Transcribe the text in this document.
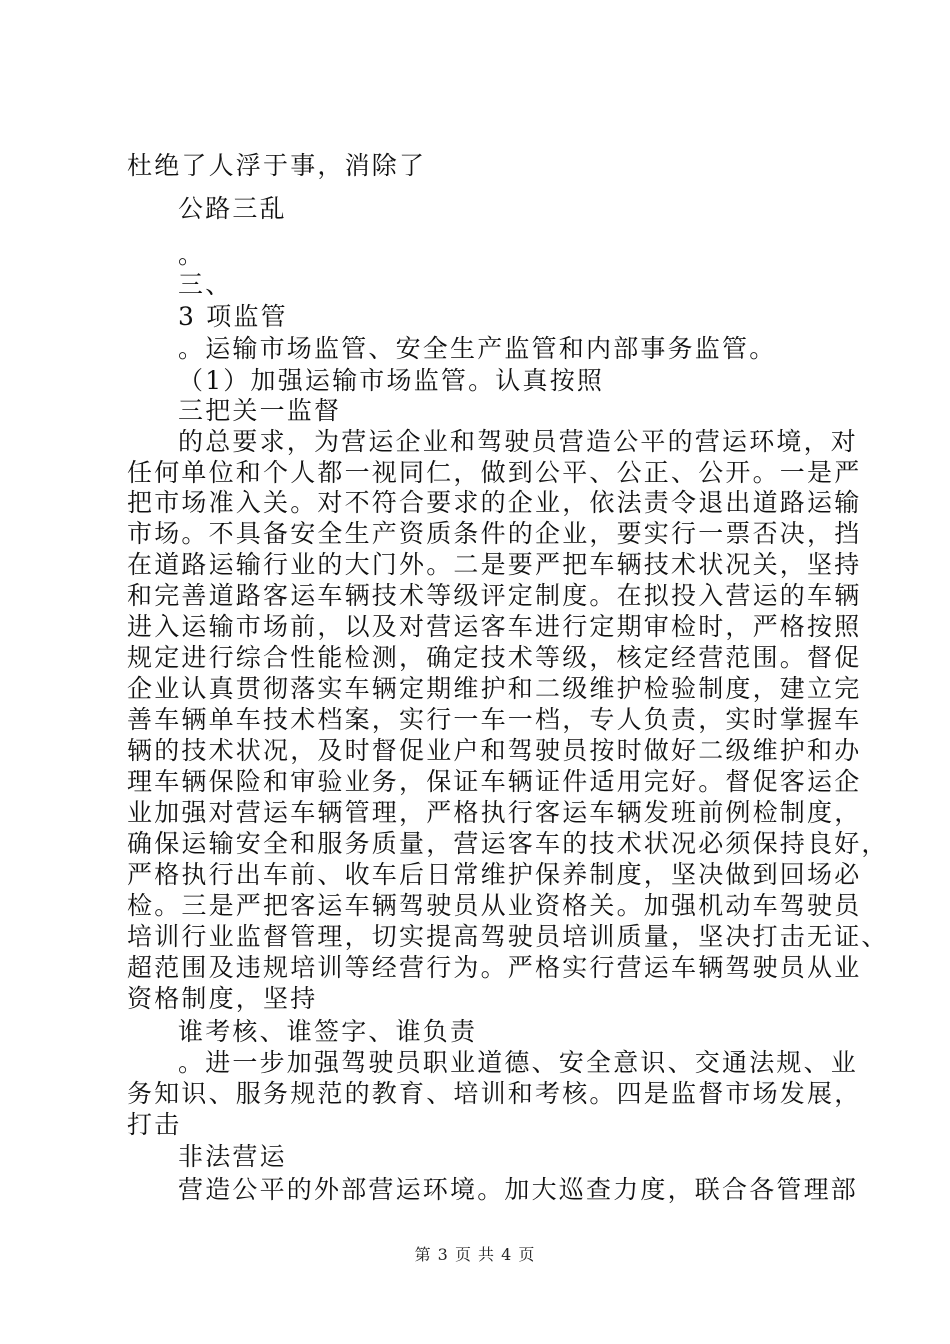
杜绝了人浮于事，消除了
公路三乱
。
三、
3 项监管
。运输市场监管、安全生产监管和内部事务监管。
（1）加强运输市场监管。认真按照
三把关一监督
的总要求，为营运企业和驾驶员营造公平的营运环境，对
任何单位和个人都一视同仁，做到公平、公正、公开。一是严
把市场准入关。对不符合要求的企业，依法责令退出道路运输
市场。不具备安全生产资质条件的企业，要实行一票否决，挡
在道路运输行业的大门外。二是要严把车辆技术状况关，坚持
和完善道路客运车辆技术等级评定制度。在拟投入营运的车辆
进入运输市场前，以及对营运客车进行定期审检时，严格按照
规定进行综合性能检测，确定技术等级，核定经营范围。督促
企业认真贯彻落实车辆定期维护和二级维护检验制度，建立完
善车辆单车技术档案，实行一车一档，专人负责，实时掌握车
辆的技术状况，及时督促业户和驾驶员按时做好二级维护和办
理车辆保险和审验业务，保证车辆证件适用完好。督促客运企
业加强对营运车辆管理，严格执行客运车辆发班前例检制度，
确保运输安全和服务质量，营运客车的技术状况必须保持良好，
严格执行出车前、收车后日常维护保养制度，坚决做到回场必
检。三是严把客运车辆驾驶员从业资格关。加强机动车驾驶员
培训行业监督管理，切实提高驾驶员培训质量，坚决打击无证、
超范围及违规培训等经营行为。严格实行营运车辆驾驶员从业
资格制度，坚持
谁考核、谁签字、谁负责
。进一步加强驾驶员职业道德、安全意识、交通法规、业
务知识、服务规范的教育、培训和考核。四是监督市场发展，
打击
非法营运
营造公平的外部营运环境。加大巡查力度，联合各管理部
第 3 页 共 4 页
